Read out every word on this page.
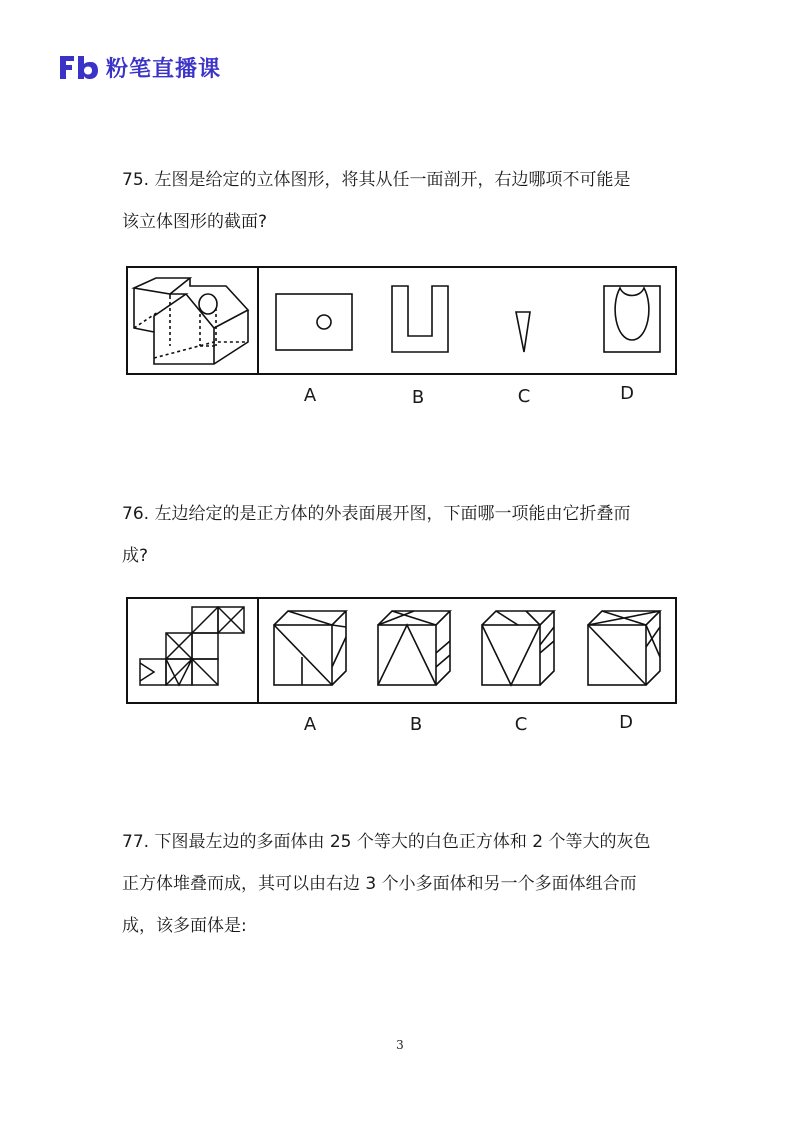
粉笔直播课

75. 左图是给定的立体图形，将其从任一面剖开，右边哪项不可能是

该立体图形的截面?

A	B	C	D

76. 左边给定的是正方体的外表面展开图，下面哪一项能由它折叠而

成?

A	B	C	D

77. 下图最左边的多面体由 25 个等大的白色正方体和 2 个等大的灰色

正方体堆叠而成，其可以由右边 3 个小多面体和另一个多面体组合而

成，该多面体是:

3
